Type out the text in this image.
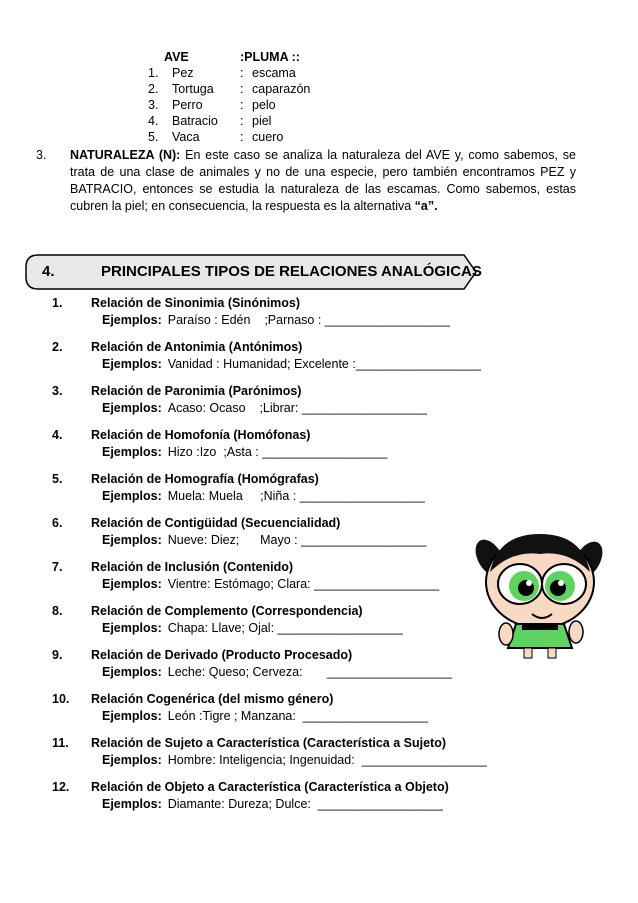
AVE	:PLUMA ::
1.	Pez	: escama
2.	Tortuga	: caparazón
3.	Perro	: pelo
4.	Batracio	: piel
5.	Vaca	: cuero
3. NATURALEZA (N): En este caso se analiza la naturaleza del AVE y, como sabemos, se trata de una clase de animales y no de una especie, pero también encontramos PEZ y BATRACIO, entonces se estudia la naturaleza de las escamas. Como sabemos, estas cubren la piel; en consecuencia, la respuesta es la alternativa “a”.
4.	PRINCIPALES TIPOS DE RELACIONES ANALÓGICAS
1. Relación de Sinonimia (Sinónimos)
Ejemplos: Paraíso : Edén    ;Parnaso : __________________
2. Relación de Antonimia (Antónimos)
Ejemplos: Vanidad : Humanidad; Excelente :__________________
3. Relación de Paronimia (Parónimos)
Ejemplos: Acaso: Ocaso    ;Librar: __________________
4. Relación de Homofonía (Homófonas)
Ejemplos: Hizo :Izo  ;Asta : __________________
5. Relación de Homografía (Homógrafas)
Ejemplos: Muela: Muela     ;Niña : __________________
6. Relación de Contigüidad (Secuencialidad)
Ejemplos: Nueve: Diez;      Mayo : __________________
7. Relación de Inclusión (Contenido)
Ejemplos: Vientre: Estómago; Clara: __________________
8. Relación de Complemento (Correspondencia)
Ejemplos: Chapa: Llave; Ojal: __________________
9. Relación de Derivado (Producto Procesado)
Ejemplos: Leche: Queso; Cerveza:       __________________
10. Relación Cogenérica (del mismo género)
Ejemplos: León :Tigre ; Manzana:  __________________
11. Relación de Sujeto a Característica (Característica a Sujeto)
Ejemplos: Hombre: Inteligencia; Ingenuidad:  __________________
12. Relación de Objeto a Característica (Característica a Objeto)
Ejemplos: Diamante: Dureza; Dulce:  __________________
